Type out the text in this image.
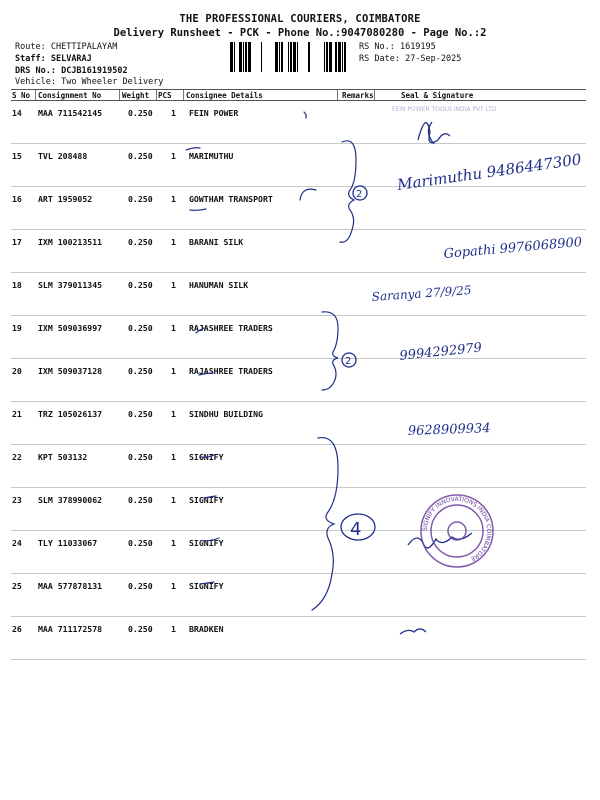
THE PROFESSIONAL COURIERS, COIMBATORE
Delivery Runsheet - PCK - Phone No.:9047080280 - Page No.:2
Route: CHETTIPALAYAM
Staff: SELVARAJ
DRS No.: DCJB161919502
Vehicle: Two Wheeler Delivery
RS No.: 1619195
RS Date: 27-Sep-2025
S No Consignment No	Weight PCS Consignee Details	Remarks	Seal & Signature
14 MAA 711542145	0.250 1 FEIN POWER
15 TVL 208488	0.250 1 MARIMUTHU
16 ART 1959052	0.250 1 GOWTHAM TRANSPORT
17 IXM 100213511	0.250 1 BARANI SILK
18 SLM 379011345	0.250 1 HANUMAN SILK
19 IXM 509036997	0.250 1 RAJASHREE TRADERS
20 IXM 509037128	0.250 1 RAJASHREE TRADERS
21 TRZ 105026137	0.250 1 SINDHU BUILDING
22 KPT 503132	0.250 1 SIGNIFY
23 SLM 378990062	0.250 1 SIGNIFY
24 TLY 11033067	0.250 1 SIGNIFY
25 MAA 577878131	0.250 1 SIGNIFY
26 MAA 711172578	0.250 1 BRADKEN
2
2
4
Marimuthu 9486447300
Gopathi 9976068900
Saranya 27/9/25
9994292979
9628909934
FEIN POWER TOOLS INDIA PVT LTD
SIGNIFY INNOVATIONS INDIA COIMBATORE
